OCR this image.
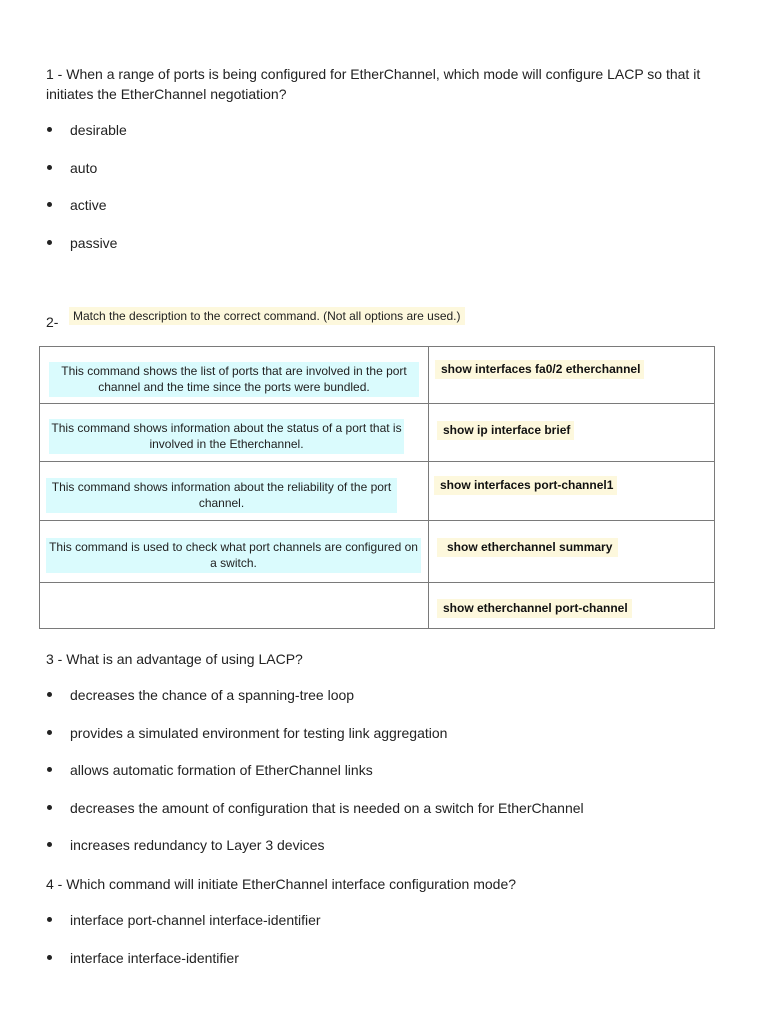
1 - When a range of ports is being configured for EtherChannel, which mode will configure LACP so that it initiates the EtherChannel negotiation?
desirable
auto
active
passive
2-	Match the description to the correct command. (Not all options are used.)
This command shows the list of ports that are involved in the port channel and the time since the ports were bundled.	show interfaces fa0/2 etherchannel

This command shows information about the status of a port that is involved in the Etherchannel.	show ip interface brief

This command shows information about the reliability of the port channel.	show interfaces port-channel1

This command is used to check what port channels are configured on a switch.	show etherchannel summary
	show etherchannel port-channel
3 - What is an advantage of using LACP?
decreases the chance of a spanning-tree loop
provides a simulated environment for testing link aggregation
allows automatic formation of EtherChannel links
decreases the amount of configuration that is needed on a switch for EtherChannel
increases redundancy to Layer 3 devices
4 - Which command will initiate EtherChannel interface configuration mode?
interface port-channel interface-identifier
interface interface-identifier
